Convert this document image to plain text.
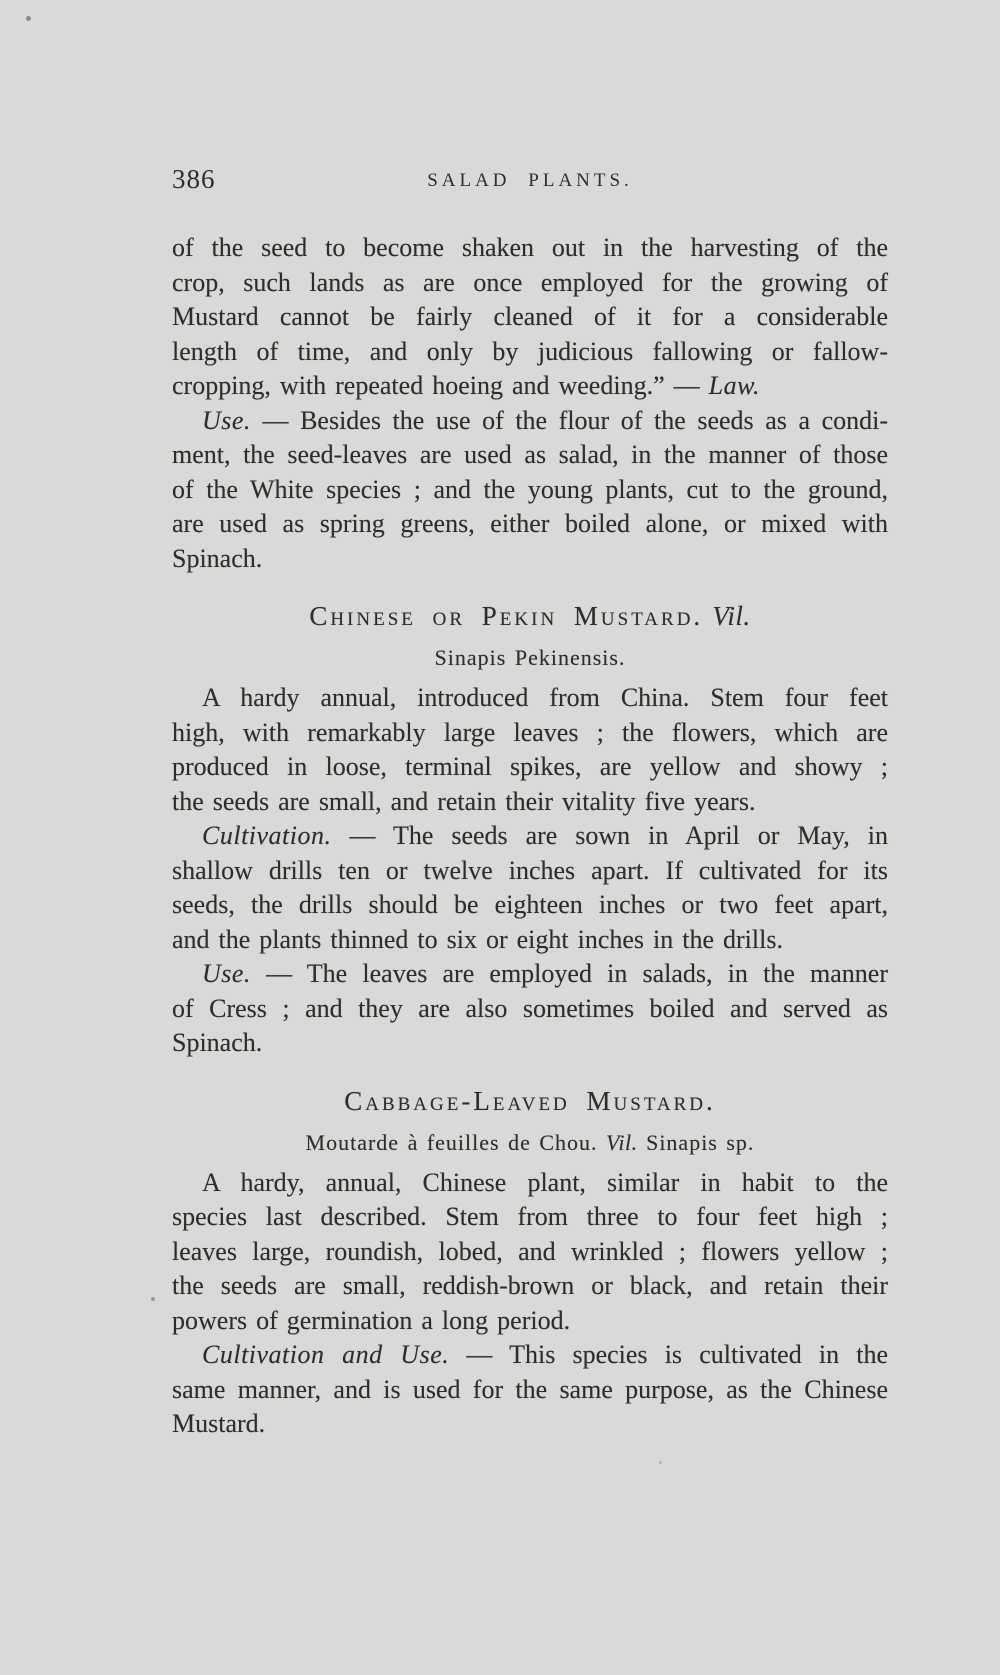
386	SALAD PLANTS.
of the seed to become shaken out in the harvesting of the
crop, such lands as are once employed for the growing of
Mustard cannot be fairly cleaned of it for a considerable
length of time, and only by judicious fallowing or fallow-
cropping, with repeated hoeing and weeding.” — Law.
Use. — Besides the use of the flour of the seeds as a condi-
ment, the seed-leaves are used as salad, in the manner of those
of the White species ; and the young plants, cut to the ground,
are used as spring greens, either boiled alone, or mixed with
Spinach.
Chinese or Pekin Mustard. Vil.
Sinapis Pekinensis.
A hardy annual, introduced from China. Stem four feet
high, with remarkably large leaves ; the flowers, which are
produced in loose, terminal spikes, are yellow and showy ;
the seeds are small, and retain their vitality five years.
Cultivation. — The seeds are sown in April or May, in
shallow drills ten or twelve inches apart. If cultivated for its
seeds, the drills should be eighteen inches or two feet apart,
and the plants thinned to six or eight inches in the drills.
Use. — The leaves are employed in salads, in the manner
of Cress ; and they are also sometimes boiled and served as
Spinach.
Cabbage-Leaved Mustard.
Moutarde à feuilles de Chou. Vil. Sinapis sp.
A hardy, annual, Chinese plant, similar in habit to the
species last described. Stem from three to four feet high ;
leaves large, roundish, lobed, and wrinkled ; flowers yellow ;
the seeds are small, reddish-brown or black, and retain their
powers of germination a long period.
Cultivation and Use. — This species is cultivated in the
same manner, and is used for the same purpose, as the Chinese
Mustard.
